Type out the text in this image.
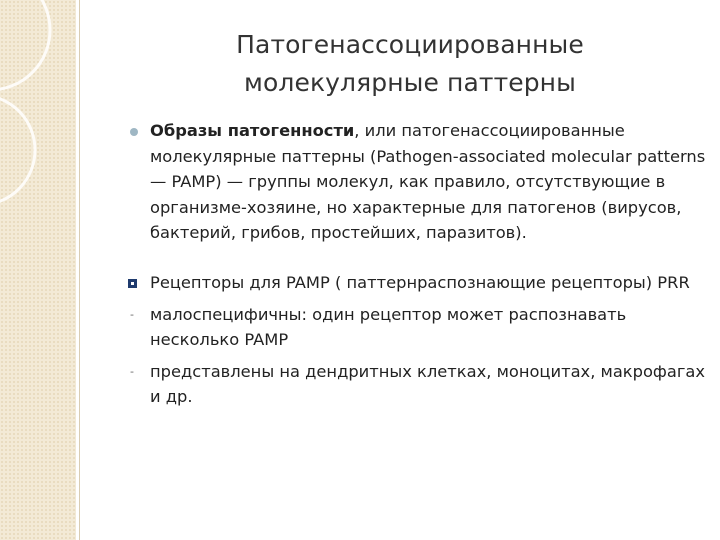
Патогенассоциированные
молекулярные паттерны

Образы патогенности, или патогенассоциированные молекулярные паттерны (Pathogen-associated molecular patterns— PAMP) — группы молекул, как правило, отсутствующие в организме-хозяине, но характерные для патогенов (вирусов, бактерий, грибов, простейших, паразитов).

Рецепторы для PAMP ( паттернраспознающие рецепторы) PRR

- малоспецифичны: один рецептор может распознавать несколько PAMP

- представлены на дендритных клетках, моноцитах, макрофагах и др.
